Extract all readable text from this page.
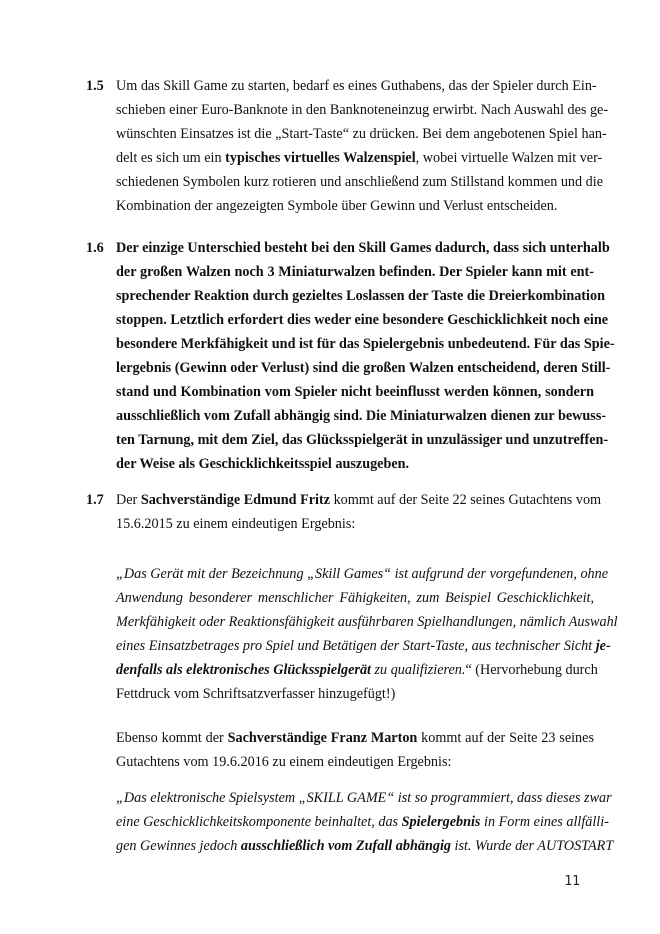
1.5 Um das Skill Game zu starten, bedarf es eines Guthabens, das der Spieler durch Ein-
schieben einer Euro-Banknote in den Banknoteneinzug erwirbt. Nach Auswahl des ge-
wünschten Einsatzes ist die „Start-Taste“ zu drücken. Bei dem angebotenen Spiel han-
delt es sich um ein typisches virtuelles Walzenspiel, wobei virtuelle Walzen mit ver-
schiedenen Symbolen kurz rotieren und anschließend zum Stillstand kommen und die
Kombination der angezeigten Symbole über Gewinn und Verlust entscheiden.
1.6 Der einzige Unterschied besteht bei den Skill Games dadurch, dass sich unterhalb
der großen Walzen noch 3 Miniaturwalzen befinden. Der Spieler kann mit ent-
sprechender Reaktion durch gezieltes Loslassen der Taste die Dreierkombination
stoppen. Letztlich erfordert dies weder eine besondere Geschicklichkeit noch eine
besondere Merkfähigkeit und ist für das Spielergebnis unbedeutend. Für das Spie-
lergebnis (Gewinn oder Verlust) sind die großen Walzen entscheidend, deren Still-
stand und Kombination vom Spieler nicht beeinflusst werden können, sondern
ausschließlich vom Zufall abhängig sind. Die Miniaturwalzen dienen zur bewuss-
ten Tarnung, mit dem Ziel, das Glücksspielgerät in unzulässiger und unzutreffen-
der Weise als Geschicklichkeitsspiel auszugeben.
1.7 Der Sachverständige Edmund Fritz kommt auf der Seite 22 seines Gutachtens vom
15.6.2015 zu einem eindeutigen Ergebnis:
„Das Gerät mit der Bezeichnung „Skill Games“ ist aufgrund der vorgefundenen, ohne
Anwendung besonderer menschlicher Fähigkeiten, zum Beispiel Geschicklichkeit,
Merkfähigkeit oder Reaktionsfähigkeit ausführbaren Spielhandlungen, nämlich Auswahl
eines Einsatzbetrages pro Spiel und Betätigen der Start-Taste, aus technischer Sicht je-
denfalls als elektronisches Glücksspielgerät zu qualifizieren.“ (Hervorhebung durch
Fettdruck vom Schriftsatzverfasser hinzugefügt!)
Ebenso kommt der Sachverständige Franz Marton kommt auf der Seite 23 seines
Gutachtens vom 19.6.2016 zu einem eindeutigen Ergebnis:
„Das elektronische Spielsystem „SKILL GAME“ ist so programmiert, dass dieses zwar
eine Geschicklichkeitskomponente beinhaltet, das Spielergebnis in Form eines allfälli-
gen Gewinnes jedoch ausschließlich vom Zufall abhängig ist. Wurde der AUTOSTART
11
